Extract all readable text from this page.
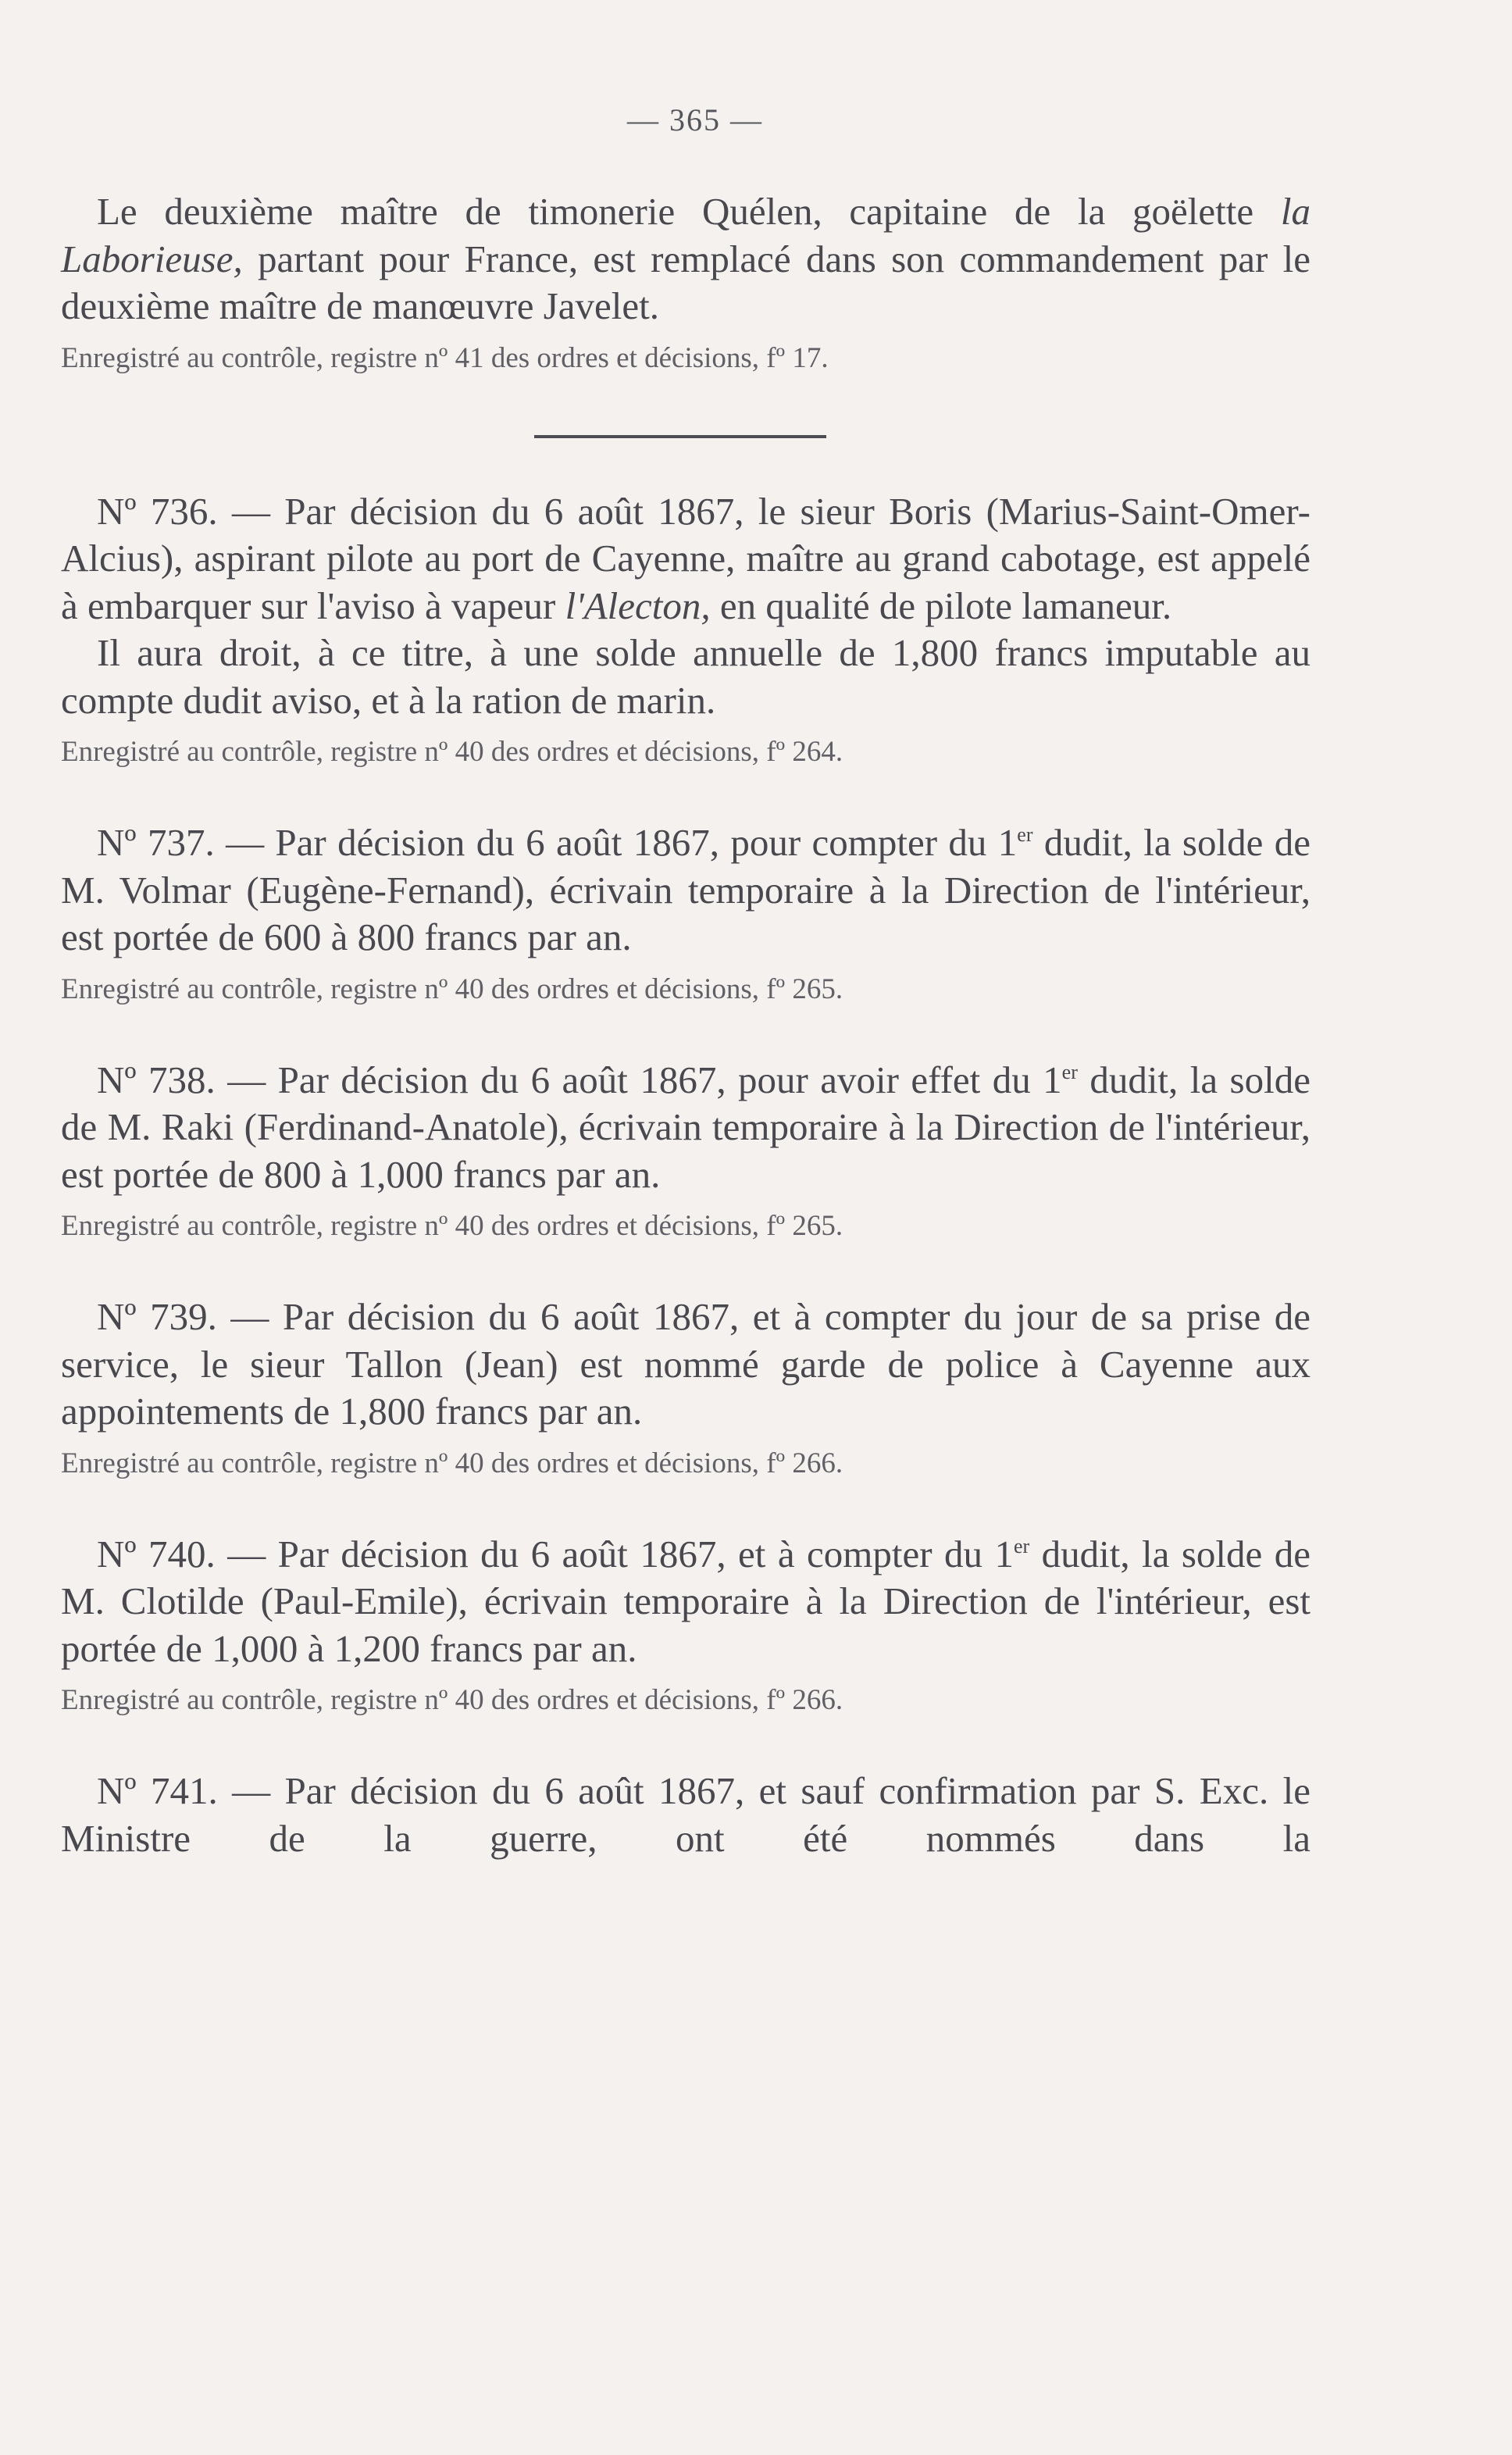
— 365 —

Le deuxième maître de timonerie Quélen, capitaine de la goëlette la Laborieuse, partant pour France, est remplacé dans son commandement par le deuxième maître de manœuvre Javelet.

Enregistré au contrôle, registre nº 41 des ordres et décisions, fº 17.

Nº 736. — Par décision du 6 août 1867, le sieur Boris (Marius-Saint-Omer-Alcius), aspirant pilote au port de Cayenne, maître au grand cabotage, est appelé à embarquer sur l'aviso à vapeur l'Alecton, en qualité de pilote lamaneur.

Il aura droit, à ce titre, à une solde annuelle de 1,800 francs imputable au compte dudit aviso, et à la ration de marin.

Enregistré au contrôle, registre nº 40 des ordres et décisions, fº 264.

Nº 737. — Par décision du 6 août 1867, pour compter du 1er dudit, la solde de M. Volmar (Eugène-Fernand), écrivain temporaire à la Direction de l'intérieur, est portée de 600 à 800 francs par an.

Enregistré au contrôle, registre nº 40 des ordres et décisions, fº 265.

Nº 738. — Par décision du 6 août 1867, pour avoir effet du 1er dudit, la solde de M. Raki (Ferdinand-Anatole), écrivain temporaire à la Direction de l'intérieur, est portée de 800 à 1,000 francs par an.

Enregistré au contrôle, registre nº 40 des ordres et décisions, fº 265.

Nº 739. — Par décision du 6 août 1867, et à compter du jour de sa prise de service, le sieur Tallon (Jean) est nommé garde de police à Cayenne aux appointements de 1,800 francs par an.

Enregistré au contrôle, registre nº 40 des ordres et décisions, fº 266.

Nº 740. — Par décision du 6 août 1867, et à compter du 1er dudit, la solde de M. Clotilde (Paul-Emile), écrivain temporaire à la Direction de l'intérieur, est portée de 1,000 à 1,200 francs par an.

Enregistré au contrôle, registre nº 40 des ordres et décisions, fº 266.

Nº 741. — Par décision du 6 août 1867, et sauf confirmation par S. Exc. le Ministre de la guerre, ont été nommés dans la
